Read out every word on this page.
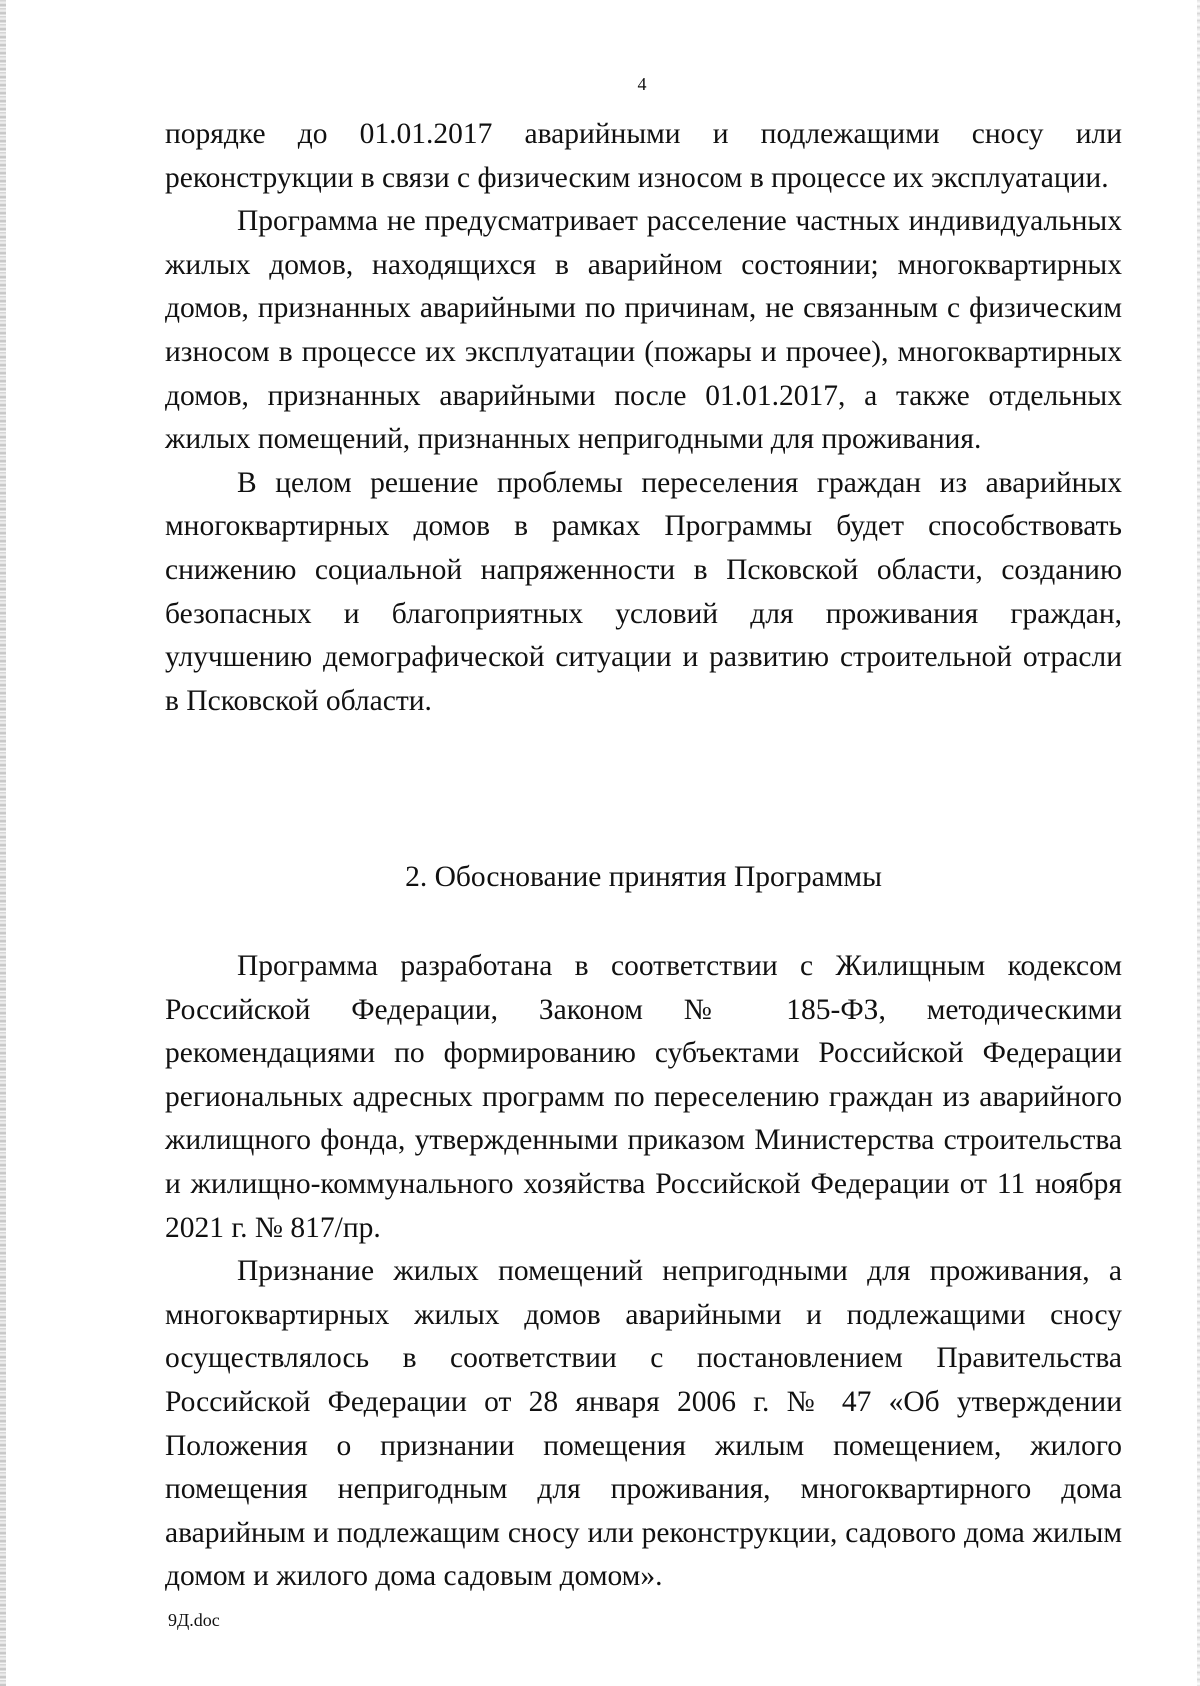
4

порядке до 01.01.2017 аварийными и подлежащими сносу или реконструкции в связи с физическим износом в процессе их эксплуатации.

Программа не предусматривает расселение частных индивидуальных жилых домов, находящихся в аварийном состоянии; многоквартирных домов, признанных аварийными по причинам, не связанным с физическим износом в процессе их эксплуатации (пожары и прочее), многоквартирных домов, признанных аварийными после 01.01.2017, а также отдельных жилых помещений, признанных непригодными для проживания.

В целом решение проблемы переселения граждан из аварийных многоквартирных домов в рамках Программы будет способствовать снижению социальной напряженности в Псковской области, созданию безопасных и благоприятных условий для проживания граждан, улучшению демографической ситуации и развитию строительной отрасли в Псковской области.

2. Обоснование принятия Программы

Программа разработана в соответствии с Жилищным кодексом Российской Федерации, Законом № 185-ФЗ, методическими рекомендациями по формированию субъектами Российской Федерации региональных адресных программ по переселению граждан из аварийного жилищного фонда, утвержденными приказом Министерства строительства и жилищно-коммунального хозяйства Российской Федерации от 11 ноября 2021 г. № 817/пр.

Признание жилых помещений непригодными для проживания, а многоквартирных жилых домов аварийными и подлежащими сносу осуществлялось в соответствии с постановлением Правительства Российской Федерации от 28 января 2006 г. № 47 «Об утверждении Положения о признании помещения жилым помещением, жилого помещения непригодным для проживания, многоквартирного дома аварийным и подлежащим сносу или реконструкции, садового дома жилым домом и жилого дома садовым домом».

9Д.doc
